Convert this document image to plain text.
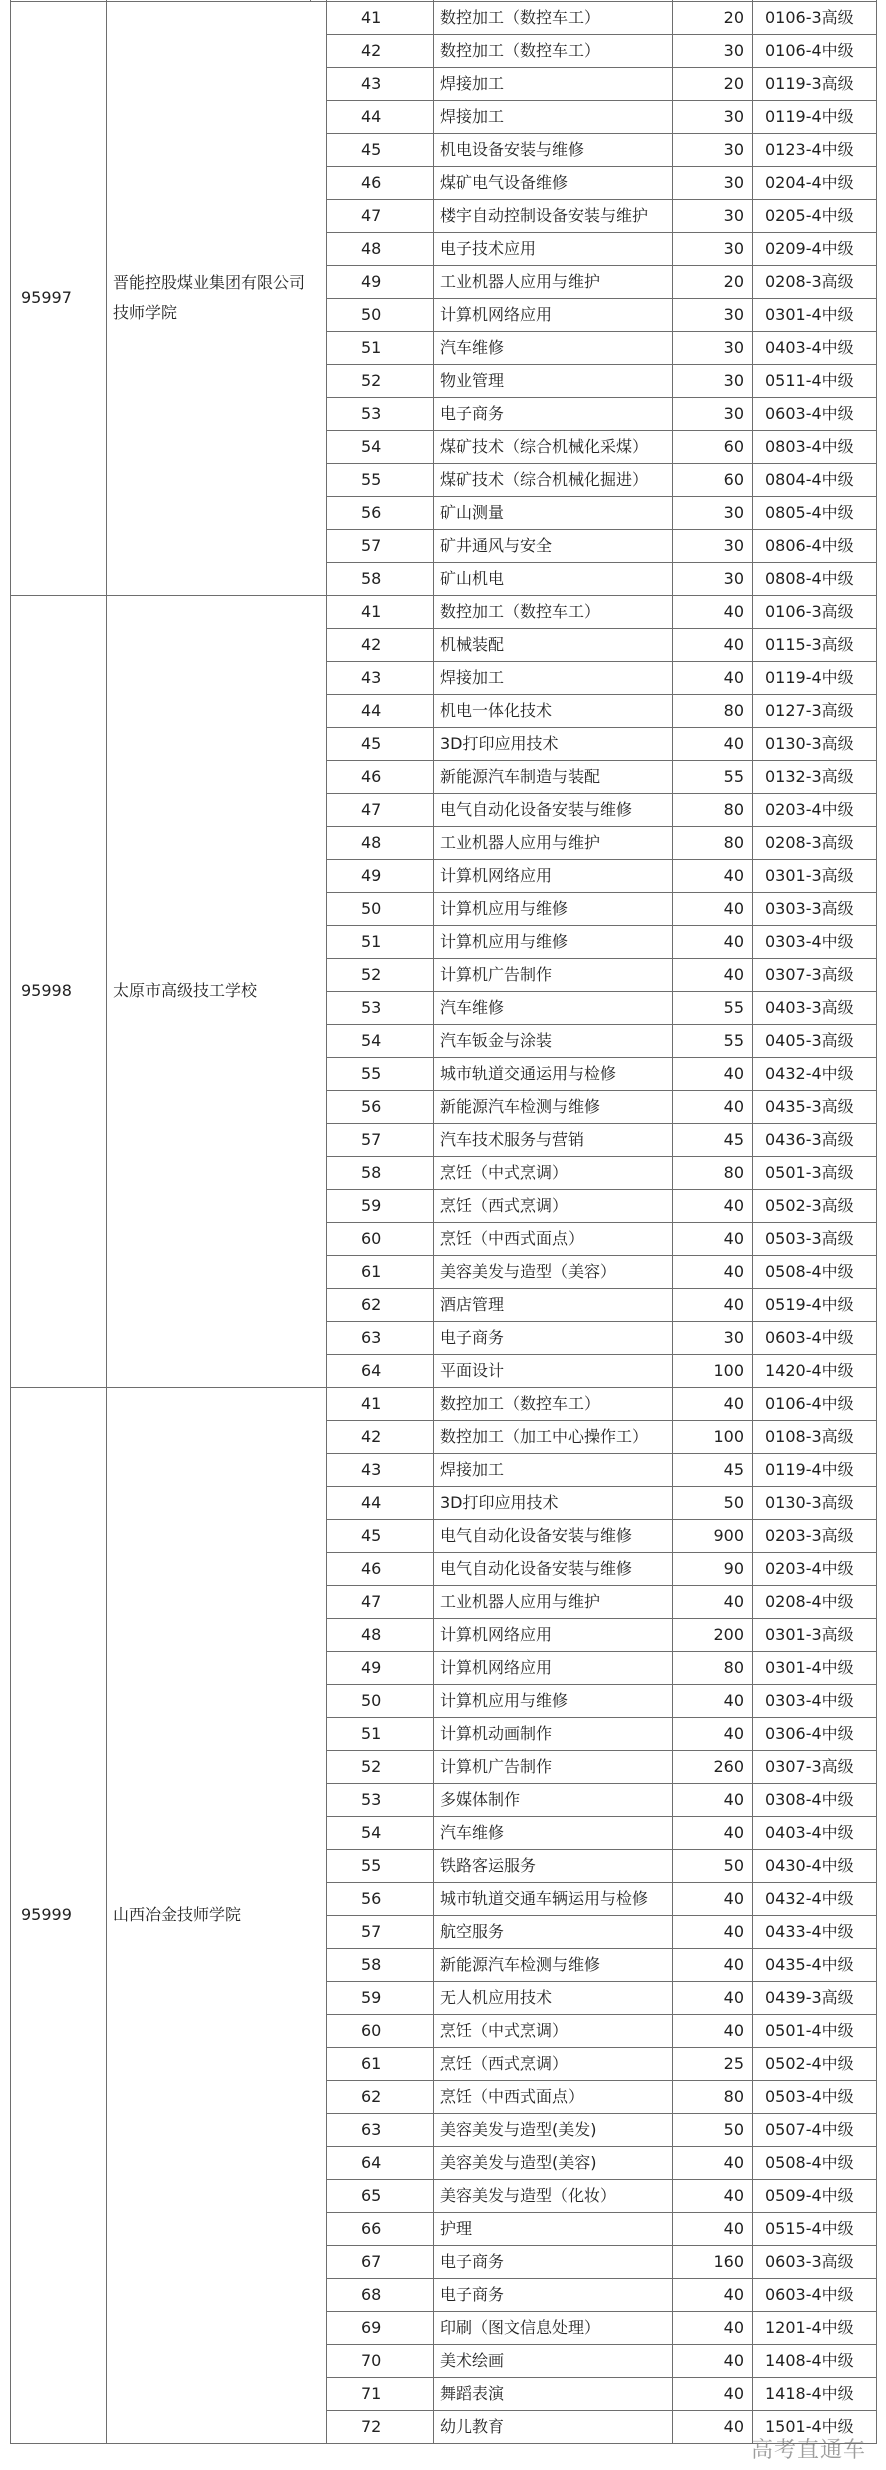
95997	晋能控股煤业集团有限公司技师学院		41	数控加工（数控车工）	20	0106-3高级
			42	数控加工（数控车工）	30	0106-4中级
			43	焊接加工	20	0119-3高级
			44	焊接加工	30	0119-4中级
			45	机电设备安装与维修	30	0123-4中级
			46	煤矿电气设备维修	30	0204-4中级
			47	楼宇自动控制设备安装与维护	30	0205-4中级
			48	电子技术应用	30	0209-4中级
			49	工业机器人应用与维护	20	0208-3高级
			50	计算机网络应用	30	0301-4中级
			51	汽车维修	30	0403-4中级
			52	物业管理	30	0511-4中级
			53	电子商务	30	0603-4中级
			54	煤矿技术（综合机械化采煤）	60	0803-4中级
			55	煤矿技术（综合机械化掘进）	60	0804-4中级
			56	矿山测量	30	0805-4中级
			57	矿井通风与安全	30	0806-4中级
			58	矿山机电	30	0808-4中级
95998	太原市高级技工学校		41	数控加工（数控车工）	40	0106-3高级
			42	机械装配	40	0115-3高级
			43	焊接加工	40	0119-4中级
			44	机电一体化技术	80	0127-3高级
			45	3D打印应用技术	40	0130-3高级
			46	新能源汽车制造与装配	55	0132-3高级
			47	电气自动化设备安装与维修	80	0203-4中级
			48	工业机器人应用与维护	80	0208-3高级
			49	计算机网络应用	40	0301-3高级
			50	计算机应用与维修	40	0303-3高级
			51	计算机应用与维修	40	0303-4中级
			52	计算机广告制作	40	0307-3高级
			53	汽车维修	55	0403-3高级
			54	汽车钣金与涂装	55	0405-3高级
			55	城市轨道交通运用与检修	40	0432-4中级
			56	新能源汽车检测与维修	40	0435-3高级
			57	汽车技术服务与营销	45	0436-3高级
			58	烹饪（中式烹调）	80	0501-3高级
			59	烹饪（西式烹调）	40	0502-3高级
			60	烹饪（中西式面点）	40	0503-3高级
			61	美容美发与造型（美容）	40	0508-4中级
			62	酒店管理	40	0519-4中级
			63	电子商务	30	0603-4中级
			64	平面设计	100	1420-4中级
95999	山西冶金技师学院		41	数控加工（数控车工）	40	0106-4中级
			42	数控加工（加工中心操作工）	100	0108-3高级
			43	焊接加工	45	0119-4中级
			44	3D打印应用技术	50	0130-3高级
			45	电气自动化设备安装与维修	900	0203-3高级
			46	电气自动化设备安装与维修	90	0203-4中级
			47	工业机器人应用与维护	40	0208-4中级
			48	计算机网络应用	200	0301-3高级
			49	计算机网络应用	80	0301-4中级
			50	计算机应用与维修	40	0303-4中级
			51	计算机动画制作	40	0306-4中级
			52	计算机广告制作	260	0307-3高级
			53	多媒体制作	40	0308-4中级
			54	汽车维修	40	0403-4中级
			55	铁路客运服务	50	0430-4中级
			56	城市轨道交通车辆运用与检修	40	0432-4中级
			57	航空服务	40	0433-4中级
			58	新能源汽车检测与维修	40	0435-4中级
			59	无人机应用技术	40	0439-3高级
			60	烹饪（中式烹调）	40	0501-4中级
			61	烹饪（西式烹调）	25	0502-4中级
			62	烹饪（中西式面点）	80	0503-4中级
			63	美容美发与造型(美发)	50	0507-4中级
			64	美容美发与造型(美容)	40	0508-4中级
			65	美容美发与造型（化妆）	40	0509-4中级
			66	护理	40	0515-4中级
			67	电子商务	160	0603-3高级
			68	电子商务	40	0603-4中级
			69	印刷（图文信息处理）	40	1201-4中级
			70	美术绘画	40	1408-4中级
			71	舞蹈表演	40	1418-4中级
			72	幼儿教育	40	1501-4中级
高考直通车
